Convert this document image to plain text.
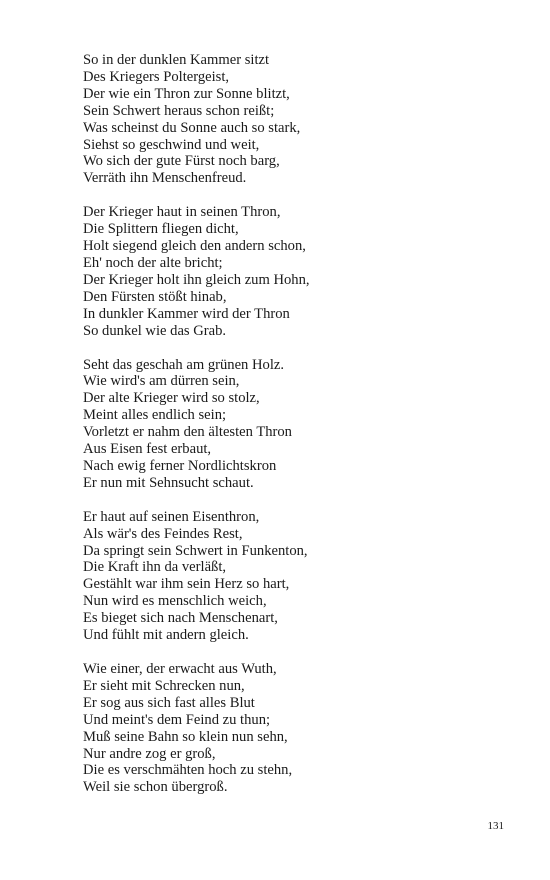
So in der dunklen Kammer sitzt
Des Kriegers Poltergeist,
Der wie ein Thron zur Sonne blitzt,
Sein Schwert heraus schon reißt;
Was scheinst du Sonne auch so stark,
Siehst so geschwind und weit,
Wo sich der gute Fürst noch barg,
Verräth ihn Menschenfreud.
Der Krieger haut in seinen Thron,
Die Splittern fliegen dicht,
Holt siegend gleich den andern schon,
Eh' noch der alte bricht;
Der Krieger holt ihn gleich zum Hohn,
Den Fürsten stößt hinab,
In dunkler Kammer wird der Thron
So dunkel wie das Grab.
Seht das geschah am grünen Holz.
Wie wird's am dürren sein,
Der alte Krieger wird so stolz,
Meint alles endlich sein;
Vorletzt er nahm den ältesten Thron
Aus Eisen fest erbaut,
Nach ewig ferner Nordlichtskron
Er nun mit Sehnsucht schaut.
Er haut auf seinen Eisenthron,
Als wär's des Feindes Rest,
Da springt sein Schwert in Funkenton,
Die Kraft ihn da verläßt,
Gestählt war ihm sein Herz so hart,
Nun wird es menschlich weich,
Es bieget sich nach Menschenart,
Und fühlt mit andern gleich.
Wie einer, der erwacht aus Wuth,
Er sieht mit Schrecken nun,
Er sog aus sich fast alles Blut
Und meint's dem Feind zu thun;
Muß seine Bahn so klein nun sehn,
Nur andre zog er groß,
Die es verschmähten hoch zu stehn,
Weil sie schon übergroß.
131
